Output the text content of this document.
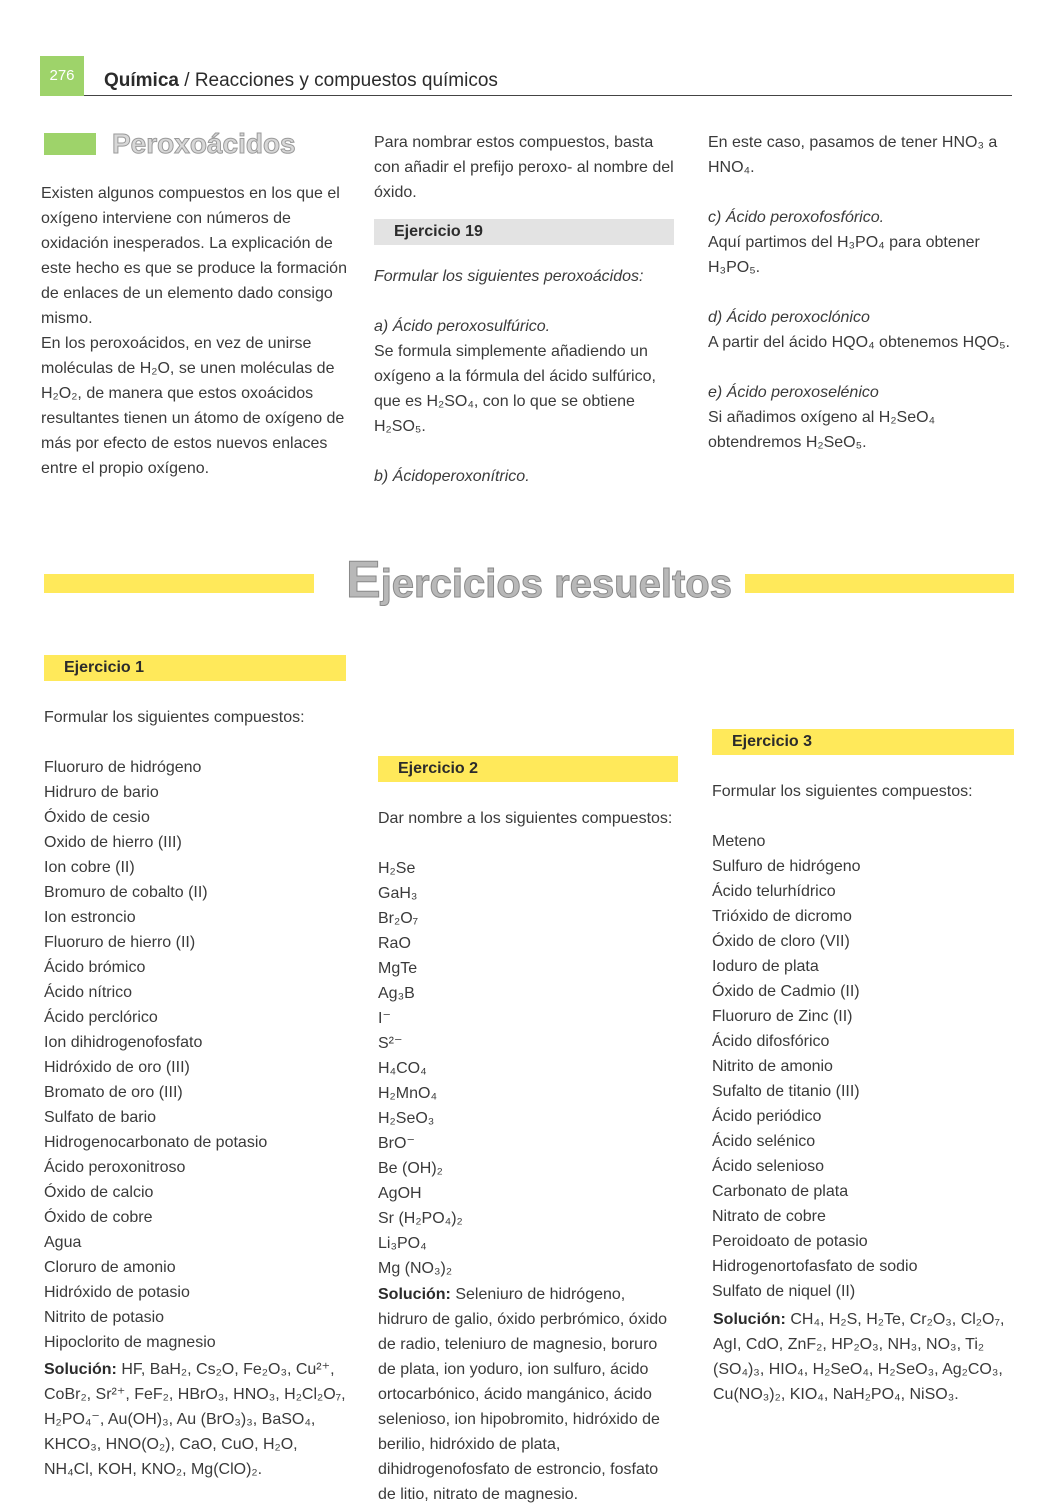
276	Química / Reacciones y compuestos químicos
Peroxoácidos

Existen algunos compuestos en los que el oxígeno interviene con números de oxidación inesperados. La explicación de este hecho es que se produce la formación de enlaces de un elemento dado consigo mismo.

En los peroxoácidos, en vez de unirse moléculas de H₂O, se unen moléculas de H₂O₂, de manera que estos oxoácidos resultantes tienen un átomo de oxígeno de más por efecto de estos nuevos enlaces entre el propio oxígeno.

Para nombrar estos compuestos, basta con añadir el prefijo peroxo- al nombre del óxido.

Ejercicio 19

Formular los siguientes peroxoácidos:

a) Ácido peroxosulfúrico.

Se formula simplemente añadiendo un oxígeno a la fórmula del ácido sulfúrico, que es H₂SO₄, con lo que se obtiene H₂SO₅.

b) Ácidoperoxonítrico.

En este caso, pasamos de tener HNO₃ a HNO₄.

c) Ácido peroxofosfórico.

Aquí partimos del H₃PO₄ para obtener H₃PO₅.

d) Ácido peroxoclónico

A partir del ácido HQO₄ obtenemos HQO₅.

e) Ácido peroxoselénico

Si añadimos oxígeno al H₂SeO₄ obtendremos H₂SeO₅.

Ejercicios resueltos
Ejercicio 1

Formular los siguientes compuestos:

Fluoruro de hidrógeno
Hidruro de bario
Óxido de cesio
Oxido de hierro (III)
Ion cobre (II)
Bromuro de cobalto (II)
Ion estroncio
Fluoruro de hierro (II)
Ácido brómico
Ácido nítrico
Ácido perclórico
Ion dihidrogenofosfato
Hidróxido de oro (III)
Bromato de oro (III)
Sulfato de bario
Hidrogenocarbonato de potasio
Ácido peroxonitroso
Óxido de calcio
Óxido de cobre
Agua
Cloruro de amonio
Hidróxido de potasio
Nitrito de potasio
Hipoclorito de magnesio

Solución: HF, BaH₂, Cs₂O, Fe₂O₃, Cu²⁺, CoBr₂, Sr²⁺, FeF₂, HBrO₃, HNO₃, H₂Cl₂O₇, H₂PO₄⁻, Au(OH)₃, Au (BrO₃)₃, BaSO₄, KHCO₃, HNO(O₂), CaO, CuO, H₂O, NH₄Cl, KOH, KNO₂, Mg(ClO)₂.

Ejercicio 2

Dar nombre a los siguientes compuestos:

H₂Se
GaH₃
Br₂O₇
RaO
MgTe
Ag₃B
I⁻
S²⁻
H₄CO₄
H₂MnO₄
H₂SeO₃
BrO⁻
Be (OH)₂
AgOH
Sr (H₂PO₄)₂
Li₃PO₄
Mg (NO₃)₂

Solución: Seleniuro de hidrógeno, hidruro de galio, óxido perbrómico, óxido de radio, teleniuro de magnesio, boruro de plata, ion yoduro, ion sulfuro, ácido ortocarbónico, ácido mangánico, ácido selenioso, ion hipobromito, hidróxido de berilio, hidróxido de plata, dihidrogenofosfato de estroncio, fosfato de litio, nitrato de magnesio.

Ejercicio 3

Formular los siguientes compuestos:

Meteno
Sulfuro de hidrógeno
Ácido telurhídrico
Trióxido de dicromo
Óxido de cloro (VII)
Ioduro de plata
Óxido de Cadmio (II)
Fluoruro de Zinc (II)
Ácido difosfórico
Nitrito de amonio
Sufalto de titanio (III)
Ácido periódico
Ácido selénico
Ácido selenioso
Carbonato de plata
Nitrato de cobre
Peroidoato de potasio
Hidrogenortofasfato de sodio
Sulfato de niquel (II)

Solución: CH₄, H₂S, H₂Te, Cr₂O₃, Cl₂O₇, AgI, CdO, ZnF₂, HP₂O₃, NH₃, NO₃, Ti₂ (SO₄)₃, HIO₄, H₂SeO₄, H₂SeO₃, Ag₂CO₃, Cu(NO₃)₂, KIO₄, NaH₂PO₄, NiSO₃.
